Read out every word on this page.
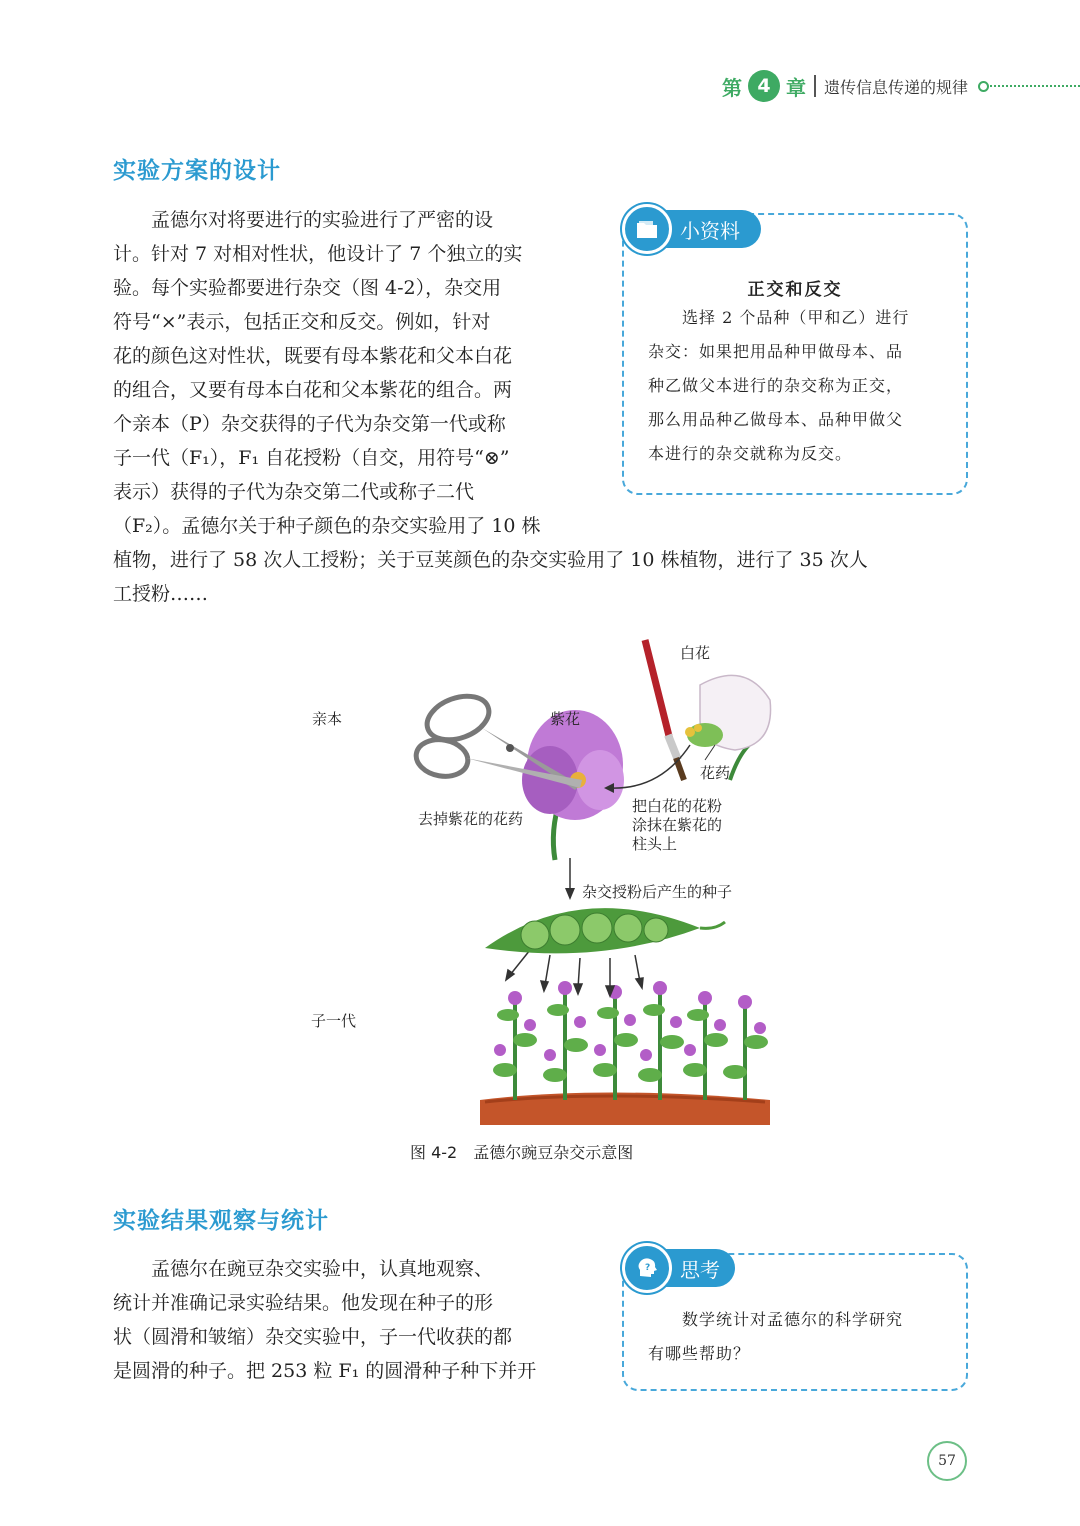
第 4 章 遗传信息传递的规律
实验方案的设计

　　孟德尔对将要进行的实验进行了严密的设

计。针对 7 对相对性状，他设计了 7 个独立的实

验。每个实验都要进行杂交（图 4-2），杂交用

符号“×”表示，包括正交和反交。例如，针对

花的颜色这对性状，既要有母本紫花和父本白花

的组合，又要有母本白花和父本紫花的组合。两

个亲本（P）杂交获得的子代为杂交第一代或称

子一代（F₁），F₁ 自花授粉（自交，用符号“⊗”

表示）获得的子代为杂交第二代或称子二代

（F₂）。孟德尔关于种子颜色的杂交实验用了 10 株

植物，进行了 58 次人工授粉；关于豆荚颜色的杂交实验用了 10 株植物，进行了 35 次人

工授粉……

正交和反交

　　选择 2 个品种（甲和乙）进行

杂交：如果把用品种甲做母本、品

种乙做父本进行的杂交称为正交，

那么用品种乙做母本、品种甲做父

本进行的杂交就称为反交。

小资料
亲本
子一代
白花
紫花
花药
去掉紫花的花药
把白花的花粉
涂抹在紫花的
柱头上
杂交授粉后产生的种子
图 4-2　孟德尔豌豆杂交示意图
实验结果观察与统计

　　孟德尔在豌豆杂交实验中，认真地观察、

统计并准确记录实验结果。他发现在种子的形

状（圆滑和皱缩）杂交实验中，子一代收获的都

是圆滑的种子。把 253 粒 F₁ 的圆滑种子种下并开

　　数学统计对孟德尔的科学研究

有哪些帮助？

? 思考
57
